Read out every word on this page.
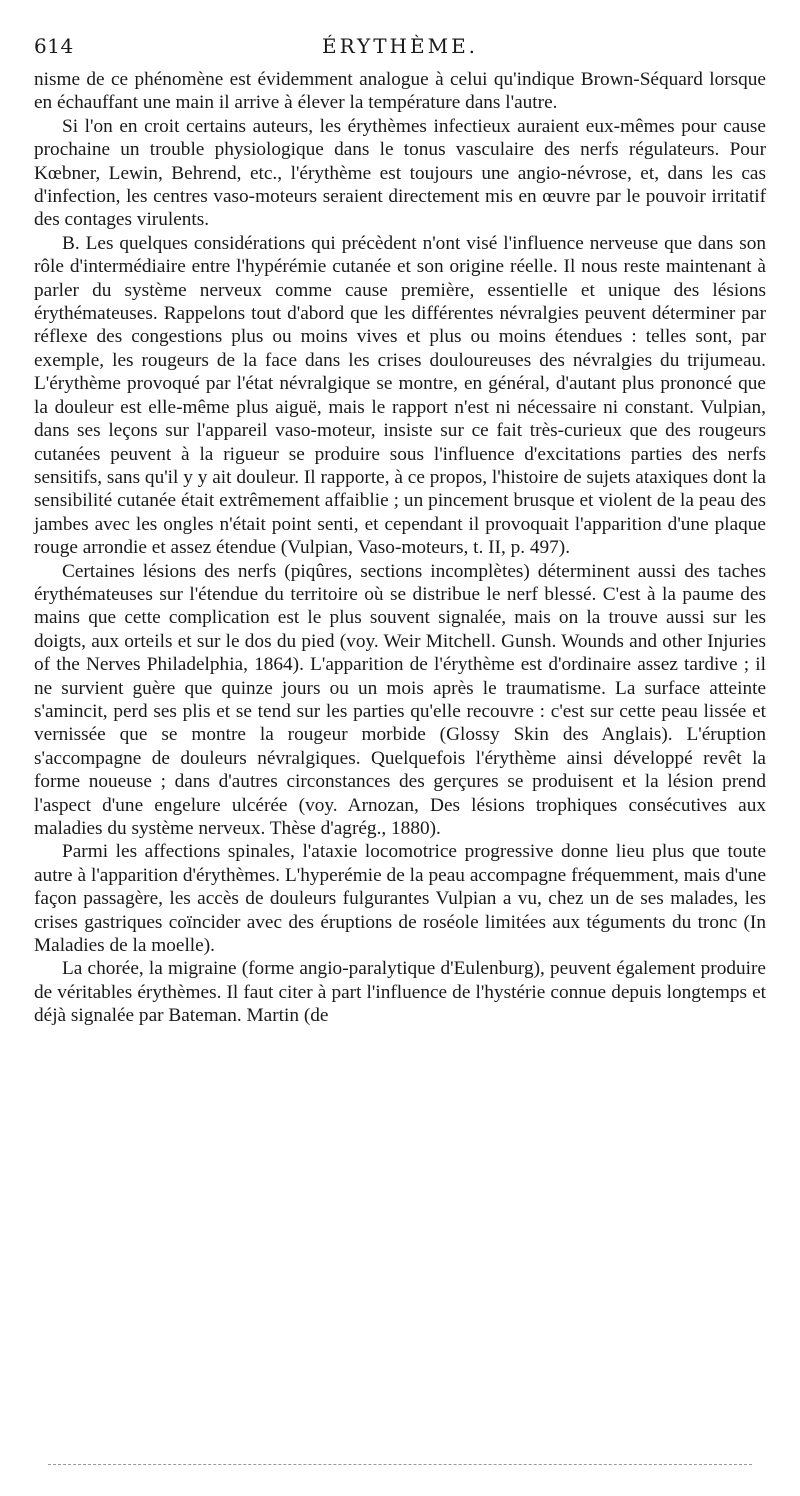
614	ÉRYTHÈME.

nisme de ce phénomène est évidemment analogue à celui qu'indique Brown-Séquard lorsque en échauffant une main il arrive à élever la température dans l'autre.

Si l'on en croit certains auteurs, les érythèmes infectieux auraient eux-mêmes pour cause prochaine un trouble physiologique dans le tonus vasculaire des nerfs régulateurs. Pour Kœbner, Lewin, Behrend, etc., l'érythème est toujours une angio-névrose, et, dans les cas d'infection, les centres vaso-moteurs seraient directement mis en œuvre par le pouvoir irritatif des contages virulents.

B. Les quelques considérations qui précèdent n'ont visé l'influence nerveuse que dans son rôle d'intermédiaire entre l'hypérémie cutanée et son origine réelle. Il nous reste maintenant à parler du système nerveux comme cause première, essentielle et unique des lésions érythémateuses. Rappelons tout d'abord que les différentes névralgies peuvent déterminer par réflexe des congestions plus ou moins vives et plus ou moins étendues : telles sont, par exemple, les rougeurs de la face dans les crises douloureuses des névralgies du trijumeau. L'érythème provoqué par l'état névralgique se montre, en général, d'autant plus prononcé que la douleur est elle-même plus aiguë, mais le rapport n'est ni nécessaire ni constant. Vulpian, dans ses leçons sur l'appareil vaso-moteur, insiste sur ce fait très-curieux que des rougeurs cutanées peuvent à la rigueur se produire sous l'influence d'excitations parties des nerfs sensitifs, sans qu'il y y ait douleur. Il rapporte, à ce propos, l'histoire de sujets ataxiques dont la sensibilité cutanée était extrêmement affaiblie ; un pincement brusque et violent de la peau des jambes avec les ongles n'était point senti, et cependant il provoquait l'apparition d'une plaque rouge arrondie et assez étendue (Vulpian, Vaso-moteurs, t. II, p. 497).

Certaines lésions des nerfs (piqûres, sections incomplètes) déterminent aussi des taches érythémateuses sur l'étendue du territoire où se distribue le nerf blessé. C'est à la paume des mains que cette complication est le plus souvent signalée, mais on la trouve aussi sur les doigts, aux orteils et sur le dos du pied (voy. Weir Mitchell. Gunsh. Wounds and other Injuries of the Nerves Philadelphia, 1864). L'apparition de l'érythème est d'ordinaire assez tardive ; il ne survient guère que quinze jours ou un mois après le traumatisme. La surface atteinte s'amincit, perd ses plis et se tend sur les parties qu'elle recouvre : c'est sur cette peau lissée et vernissée que se montre la rougeur morbide (Glossy Skin des Anglais). L'éruption s'accompagne de douleurs névralgiques. Quelquefois l'érythème ainsi développé revêt la forme noueuse ; dans d'autres circonstances des gerçures se produisent et la lésion prend l'aspect d'une engelure ulcérée (voy. Arnozan, Des lésions trophiques consécutives aux maladies du système nerveux. Thèse d'agrég., 1880).

Parmi les affections spinales, l'ataxie locomotrice progressive donne lieu plus que toute autre à l'apparition d'érythèmes. L'hyperémie de la peau accompagne fréquemment, mais d'une façon passagère, les accès de douleurs fulgurantes Vulpian a vu, chez un de ses malades, les crises gastriques coïncider avec des éruptions de roséole limitées aux téguments du tronc (In Maladies de la moelle).

La chorée, la migraine (forme angio-paralytique d'Eulenburg), peuvent également produire de véritables érythèmes. Il faut citer à part l'influence de l'hystérie connue depuis longtemps et déjà signalée par Bateman. Martin (de
